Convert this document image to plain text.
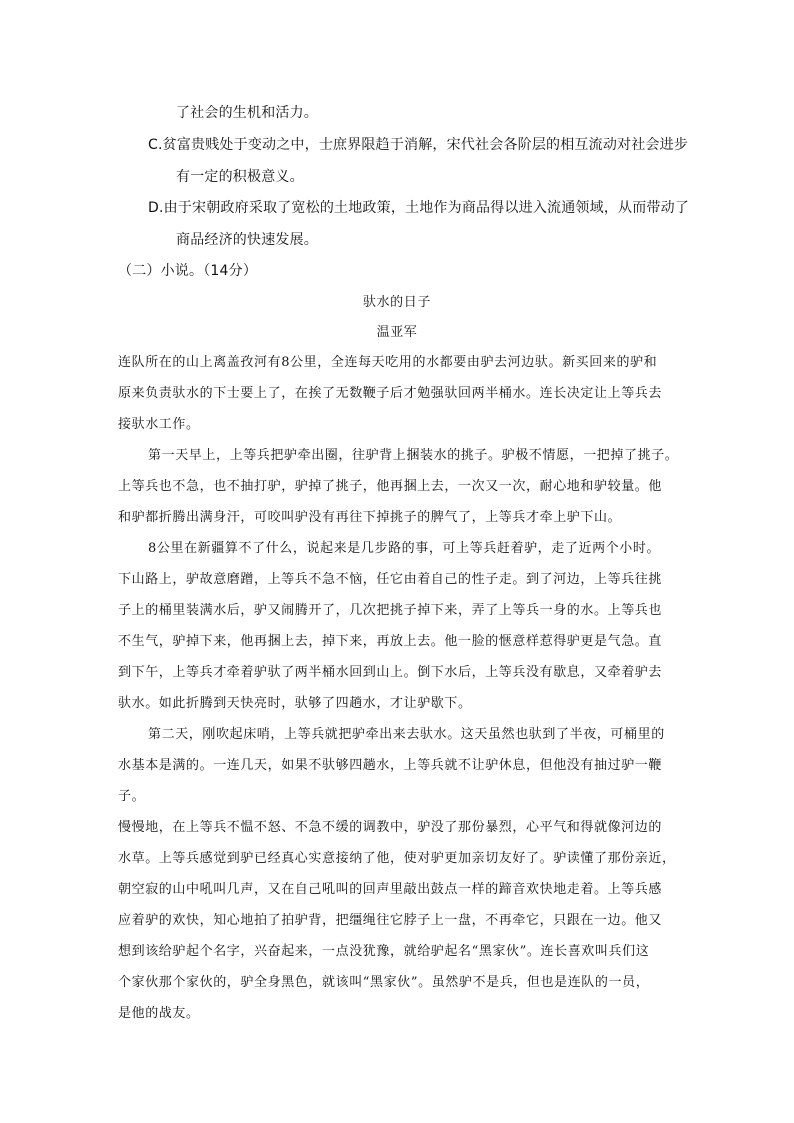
了社会的生机和活力。
C.贫富贵贱处于变动之中，士庶界限趋于消解，宋代社会各阶层的相互流动对社会进步
有一定的积极意义。
D.由于宋朝政府采取了宽松的土地政策，土地作为商品得以进入流通领域，从而带动了
商品经济的快速发展。
（二）小说。（14分）
驮水的日子
温亚军
连队所在的山上离盖孜河有8公里，全连每天吃用的水都要由驴去河边驮。新买回来的驴和
原来负责驮水的下士要上了，在挨了无数鞭子后才勉强驮回两半桶水。连长决定让上等兵去
接驮水工作。
第一天早上，上等兵把驴牵出圈，往驴背上捆装水的挑子。驴极不情愿，一把掉了挑子。
上等兵也不急，也不抽打驴，驴掉了挑子，他再捆上去，一次又一次，耐心地和驴较量。他
和驴都折腾出满身汗，可咬叫驴没有再往下掉挑子的脾气了，上等兵才牵上驴下山。
8公里在新疆算不了什么，说起来是几步路的事，可上等兵赶着驴，走了近两个小时。
下山路上，驴故意磨蹭，上等兵不急不恼，任它由着自己的性子走。到了河边，上等兵往挑
子上的桶里装满水后，驴又闹腾开了，几次把挑子掉下来，弄了上等兵一身的水。上等兵也
不生气，驴掉下来，他再捆上去，掉下来，再放上去。他一脸的惬意样惹得驴更是气急。直
到下午，上等兵才牵着驴驮了两半桶水回到山上。倒下水后，上等兵没有歇息，又牵着驴去
驮水。如此折腾到天快亮时，驮够了四趟水，才让驴歇下。
第二天，刚吹起床哨，上等兵就把驴牵出来去驮水。这天虽然也驮到了半夜，可桶里的
水基本是满的。一连几天，如果不驮够四趟水，上等兵就不让驴休息，但他没有抽过驴一鞭
子。
慢慢地，在上等兵不愠不怒、不急不缓的调教中，驴没了那份暴烈，心平气和得就像河边的
水草。上等兵感觉到驴已经真心实意接纳了他，使对驴更加亲切友好了。驴读懂了那份亲近，
朝空寂的山中吼叫几声，又在自己吼叫的回声里敲出鼓点一样的蹄音欢快地走着。上等兵感
应着驴的欢快，知心地拍了拍驴背，把缰绳往它脖子上一盘，不再牵它，只跟在一边。他又
想到该给驴起个名字，兴奋起来，一点没犹豫，就给驴起名“黑家伙”。连长喜欢叫兵们这
个家伙那个家伙的，驴全身黑色，就该叫“黑家伙”。虽然驴不是兵，但也是连队的一员，
是他的战友。
